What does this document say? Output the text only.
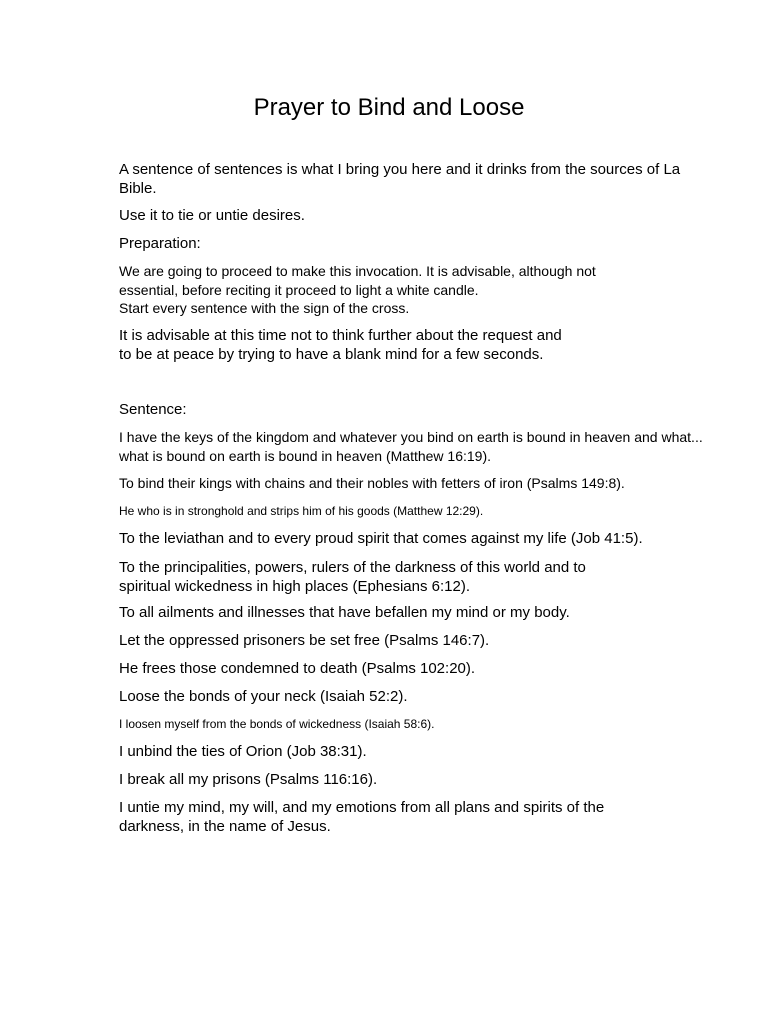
Prayer to Bind and Loose

A sentence of sentences is what I bring you here and it drinks from the sources of La
Bible.

Use it to tie or untie desires.

Preparation:

We are going to proceed to make this invocation. It is advisable, although not
essential, before reciting it proceed to light a white candle.
Start every sentence with the sign of the cross.

It is advisable at this time not to think further about the request and
to be at peace by trying to have a blank mind for a few seconds.

Sentence:

I have the keys of the kingdom and whatever you bind on earth is bound in heaven and what...
what is bound on earth is bound in heaven (Matthew 16:19).

To bind their kings with chains and their nobles with fetters of iron (Psalms 149:8).

He who is in stronghold and strips him of his goods (Matthew 12:29).

To the leviathan and to every proud spirit that comes against my life (Job 41:5).

To the principalities, powers, rulers of the darkness of this world and to
spiritual wickedness in high places (Ephesians 6:12).

To all ailments and illnesses that have befallen my mind or my body.

Let the oppressed prisoners be set free (Psalms 146:7).

He frees those condemned to death (Psalms 102:20).

Loose the bonds of your neck (Isaiah 52:2).

I loosen myself from the bonds of wickedness (Isaiah 58:6).

I unbind the ties of Orion (Job 38:31).

I break all my prisons (Psalms 116:16).

I untie my mind, my will, and my emotions from all plans and spirits of the
darkness, in the name of Jesus.
